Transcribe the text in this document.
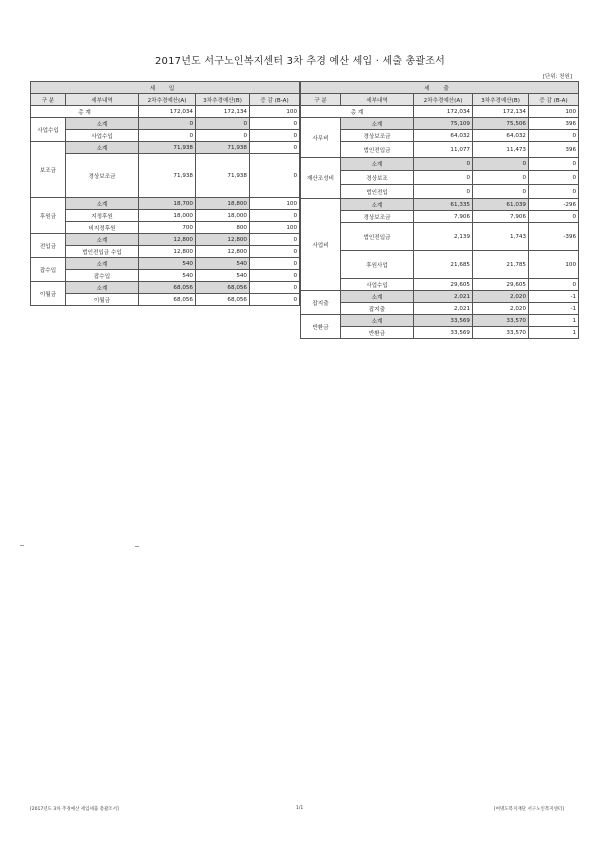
2017년도 서구노인복지센터 3차 추경 예산 세입 · 세출 총괄조서
[단위: 천원]
세 입				
구 분	세부내역	2차추경예산(A)	3차추경예산(B)	증 감 (B-A)
총 계		172,034	172,134	100
사업수입	소계	0	0	0
	사업수입	0	0	0
보조금	소계	71,938	71,938	0
	경상보조금	71,938	71,938	0
후원금	소계	18,700	18,800	100
	지정후원	18,000	18,000	0
	비지정후원	700	800	100
전입금	소계	12,800	12,800	0
	법인전입금 수입	12,800	12,800	0
잡수입	소계	540	540	0
	잡수입	540	540	0
이월금	소계	68,056	68,056	0
	이월금	68,056	68,056	0
세 출				
구 분	세부내역	2차추경예산(A)	3차추경예산(B)	증 감 (B-A)
총 계		172,034	172,134	100
사무비	소계	75,109	75,506	396
	경상보조금	64,032	64,032	0
	법인전입금	11,077	11,473	396
재산조성비	소계	0	0	0
	경상보조	0	0	0
	법인전입	0	0	0
사업비	소계	61,335	61,039	-296
	경상보조금	7,906	7,906	0
	법인전입금	2,139	1,743	-396
	후원사업	21,685	21,785	100
	사업수입	29,605	29,605	0
잡지출	소계	2,021	2,020	-1
	잡지출	2,021	2,020	-1
반환금	소계	33,569	33,570	1
	반환금	33,569	33,570	1
[2017년도 3차 추경예산 세입세출 총괄조서]	1/1	[여명도복지재단 서구노인복지센터]
